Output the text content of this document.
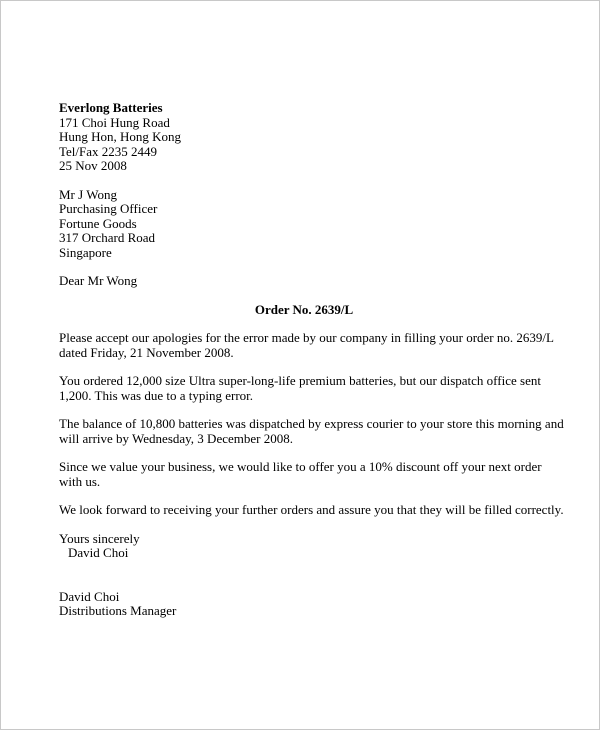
Everlong Batteries
171 Choi Hung Road
Hung Hon, Hong Kong
Tel/Fax 2235 2449
25 Nov 2008
Mr J Wong
Purchasing Officer
Fortune Goods
317 Orchard Road
Singapore
Dear Mr Wong
Order No. 2639/L

Please accept our apologies for the error made by our company in filling your order no. 2639/L
dated Friday, 21 November 2008.

You ordered 12,000 size Ultra super-long-life premium batteries, but our dispatch office sent
1,200. This was due to a typing error.

The balance of 10,800 batteries was dispatched by express courier to your store this morning and
will arrive by Wednesday, 3 December 2008.

Since we value your business, we would like to offer you a 10% discount off your next order
with us.

We look forward to receiving your further orders and assure you that they will be filled correctly.

Yours sincerely
David Choi
David Choi
Distributions Manager
